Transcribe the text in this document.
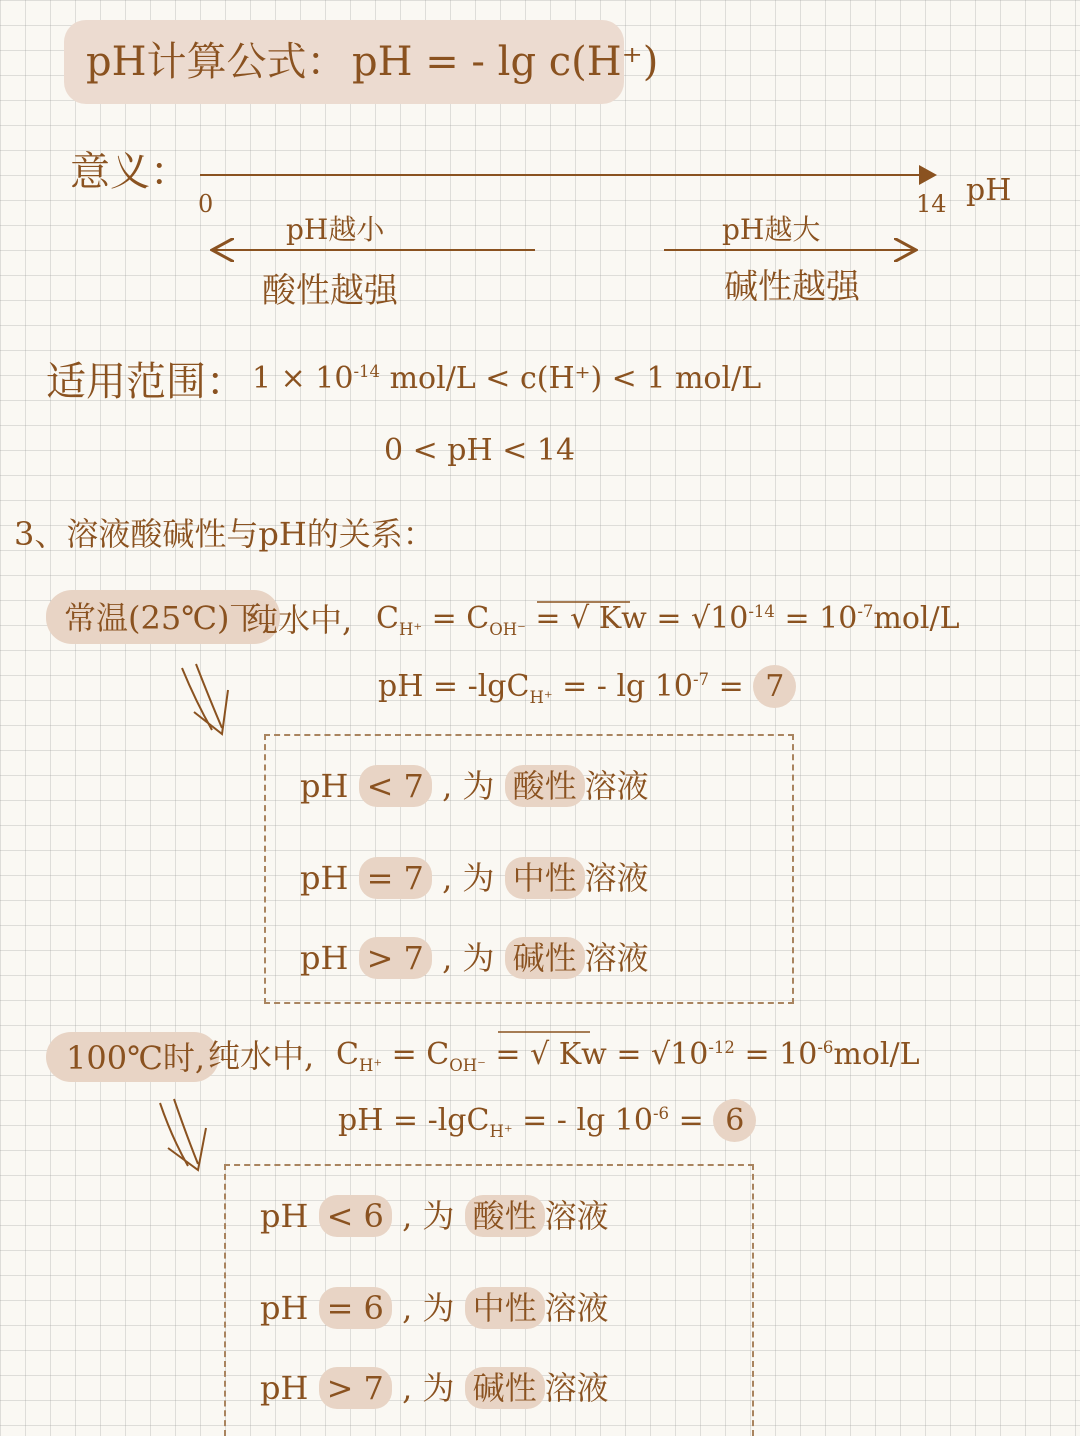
pH计算公式： pH = - lg c(H⁺)
意义：
0	14 pH
pH越小
酸性越强
pH越大
碱性越强
适用范围： $1 \times 10^{-14}$ mol/L < c(H⁺) < 1 mol/L
0 < pH < 14
3、溶液酸碱性与pH的关系：
常温(25℃)下,
纯水中, $C_{H^+} = C_{OH^-}$ = √ $Kw = √10^{-14} = 10^{-7}mol/L$
pH = -lgC$_{H^+}$ = - $\lg 10^{-7} = 7$
pH < 7 , 为 酸性 溶液
pH = 7 , 为 中性 溶液
pH > 7 , 为 碱性 溶液
100℃时, 纯水中, $C_{H^+} = C_{OH^-}$ = √ $Kw = √10^{-12} = 10^{-6}mol/L$
pH = -lgC$_{H^+}$ = - $\lg 10^{-6} = 6$
pH < 6 , 为 酸性 溶液
pH = 6 , 为 中性 溶液
pH > 7 , 为 碱性 溶液
